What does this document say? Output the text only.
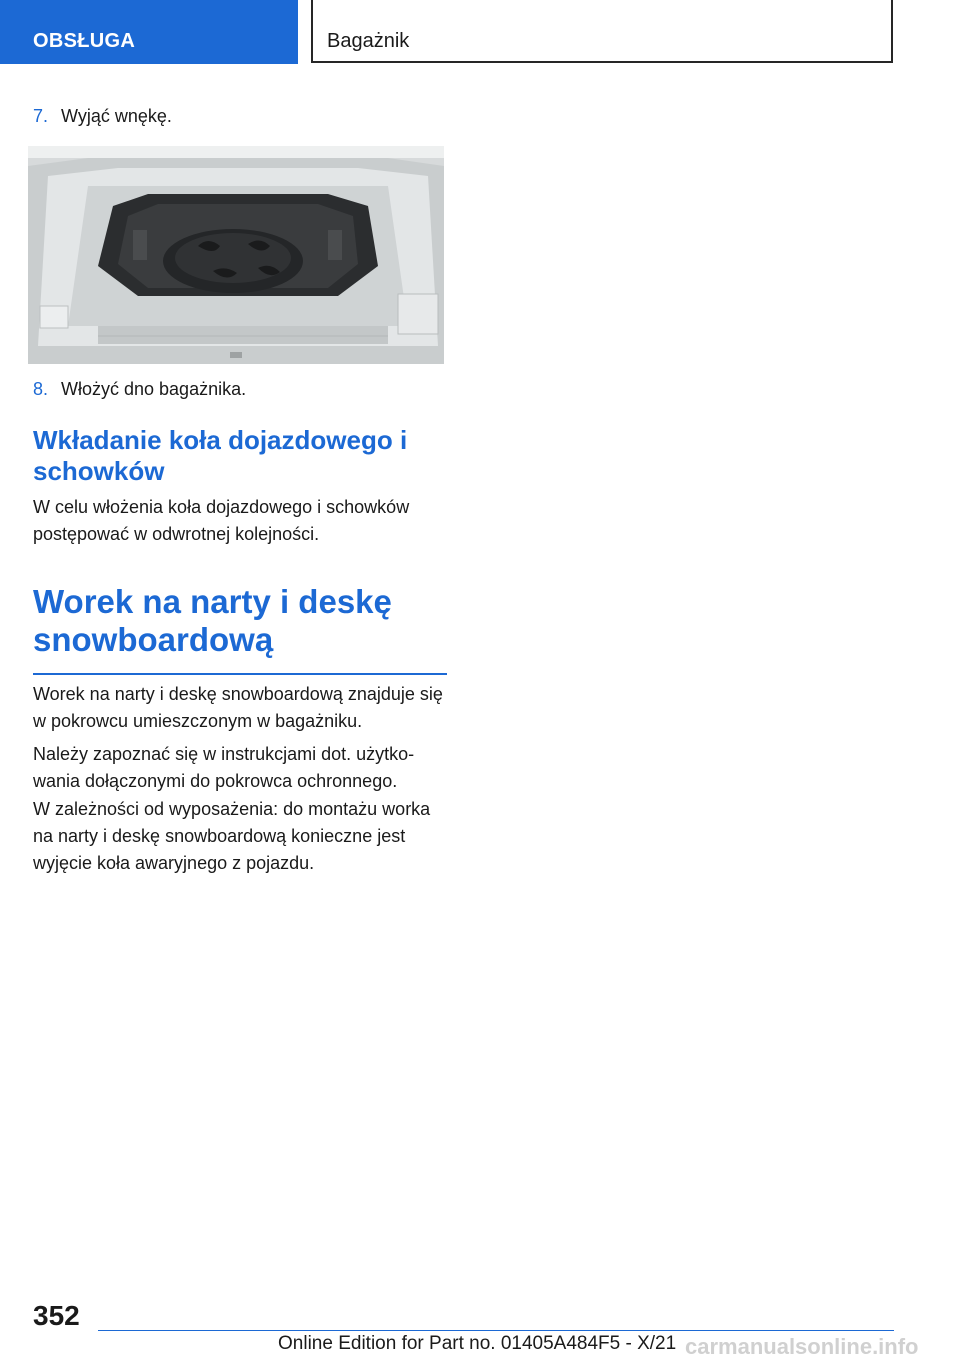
OBSŁUGA	Bagażnik
7. Wyjąć wnękę.
8. Włożyć dno bagażnika.
Wkładanie koła dojazdowego i schowków
W celu włożenia koła dojazdowego i schowków postępować w odwrotnej kolejności.
Worek na narty i deskę snowboardową
Worek na narty i deskę snowboardową znajduje się w pokrowcu umieszczonym w bagażniku.
Należy zapoznać się w instrukcjami dot. użytko‐wania dołączonymi do pokrowca ochronnego.
W zależności od wyposażenia: do montażu worka na narty i deskę snowboardową konieczne jest wyjęcie koła awaryjnego z pojazdu.
352
Online Edition for Part no. 01405A484F5 - X/21 carmanualsonline.info
